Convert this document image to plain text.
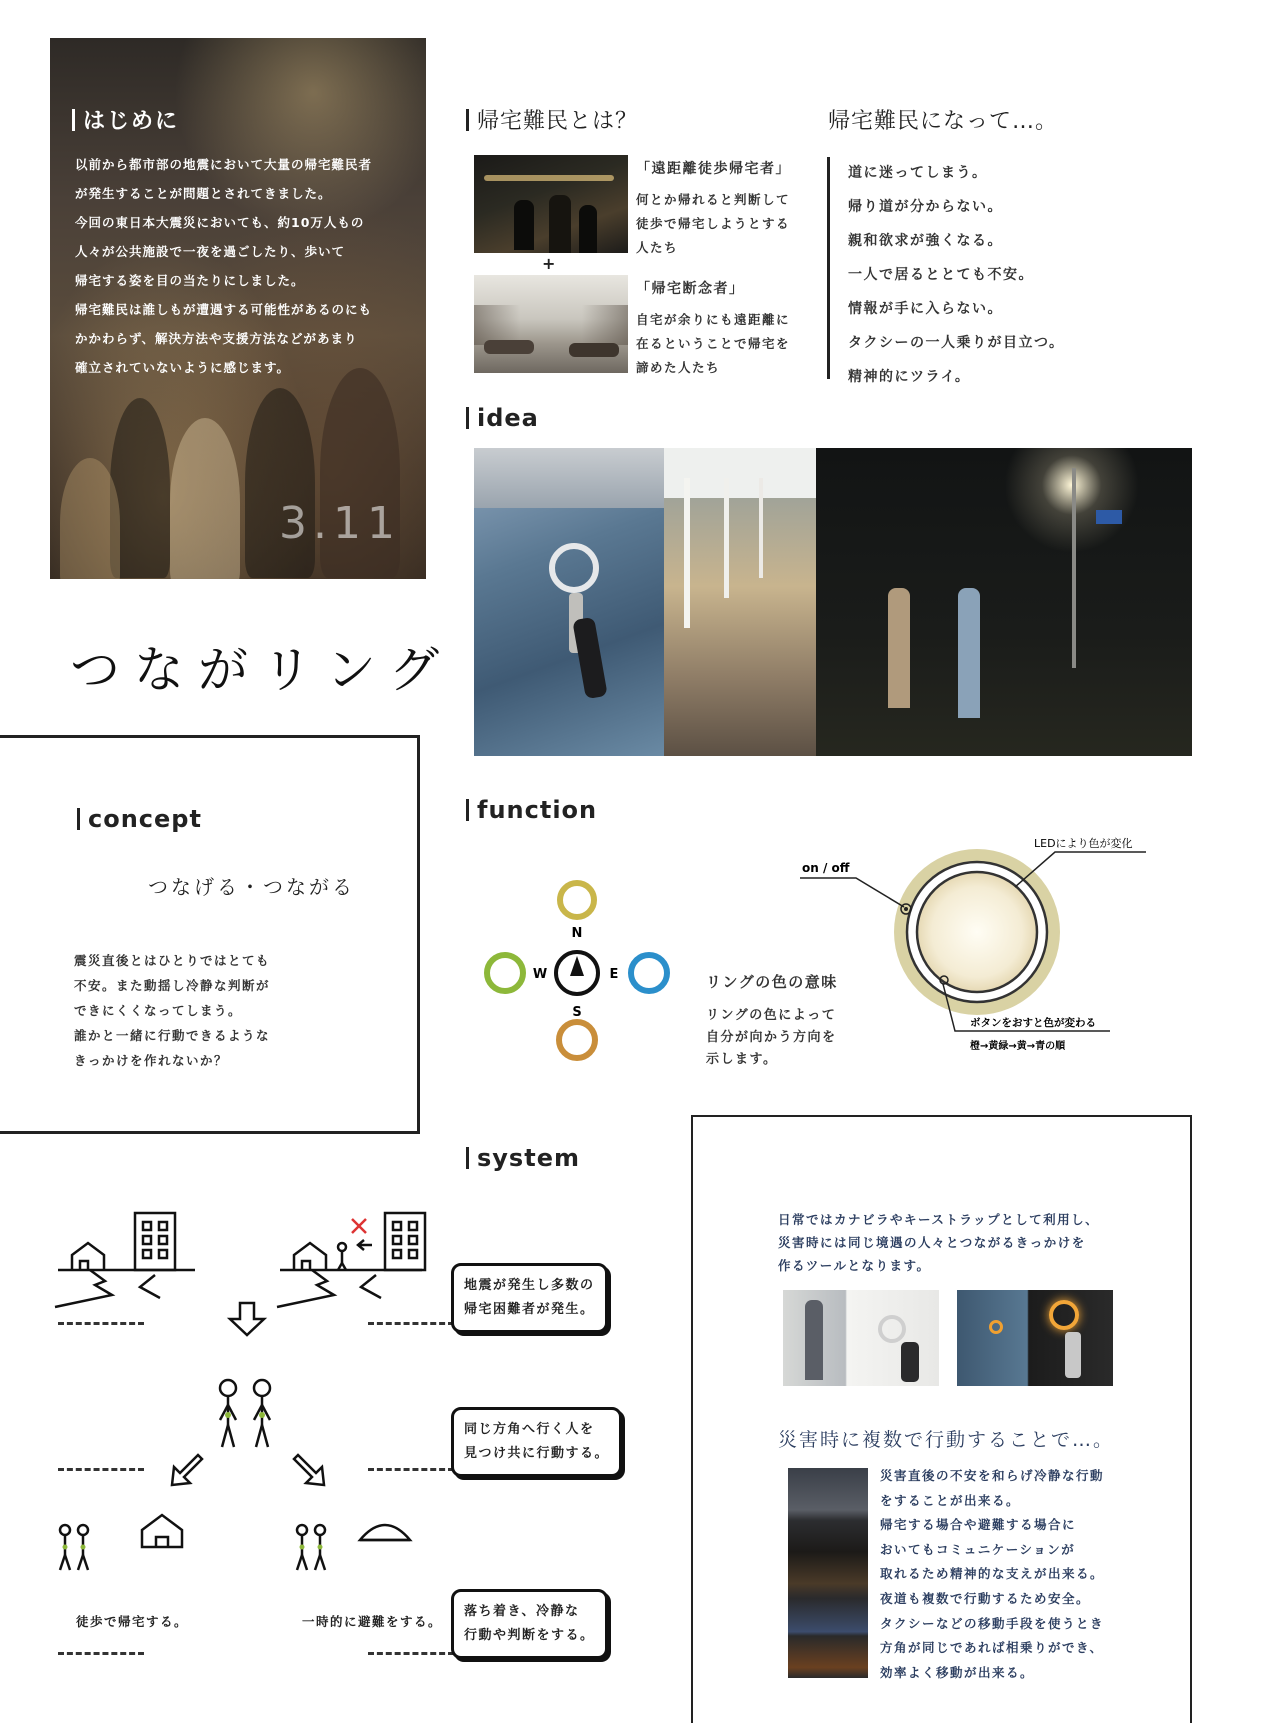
はじめに
以前から都市部の地震において大量の帰宅難民者
が発生することが問題とされてきました。
今回の東日本大震災においても、約10万人もの
人々が公共施設で一夜を過ごしたり、歩いて
帰宅する姿を目の当たりにしました。
帰宅難民は誰しもが遭遇する可能性があるのにも
かかわらず、解決方法や支援方法などがあまり
確立されていないように感じます。
3.11
つながリング
帰宅難民とは？
+
「遠距離徒歩帰宅者」
何とか帰れると判断して
徒歩で帰宅しようとする
人たち
「帰宅断念者」
自宅が余りにも遠距離に
在るということで帰宅を
諦めた人たち
帰宅難民になって…。
道に迷ってしまう。
帰り道が分からない。
親和欲求が強くなる。
一人で居るととても不安。
情報が手に入らない。
タクシーの一人乗りが目立つ。
精神的にツライ。
idea
concept
つなげる・つながる
震災直後とはひとりではとても
不安。また動揺し冷静な判断が
できにくくなってしまう。
誰かと一緒に行動できるような
きっかけを作れないか？
function
N
S
W	E	リングの色の意味
リングの色によって
自分が向かう方向を
示します。
on / off
LEDにより色が変化
ボタンをおすと色が変わる
橙→黄緑→黄→青の順
system
地震が発生し多数の
帰宅困難者が発生。
同じ方角へ行く人を
見つけ共に行動する。
落ち着き、冷静な
行動や判断をする。
徒歩で帰宅する。	一時的に避難をする。
日常ではカナビラやキーストラップとして利用し、
災害時には同じ境遇の人々とつながるきっかけを
作るツールとなります。
災害時に複数で行動することで…。
災害直後の不安を和らげ冷静な行動
をすることが出来る。
帰宅する場合や避難する場合に
おいてもコミュニケーションが
取れるため精神的な支えが出来る。
夜道も複数で行動するため安全。
タクシーなどの移動手段を使うとき
方角が同じであれば相乗りができ、
効率よく移動が出来る。
